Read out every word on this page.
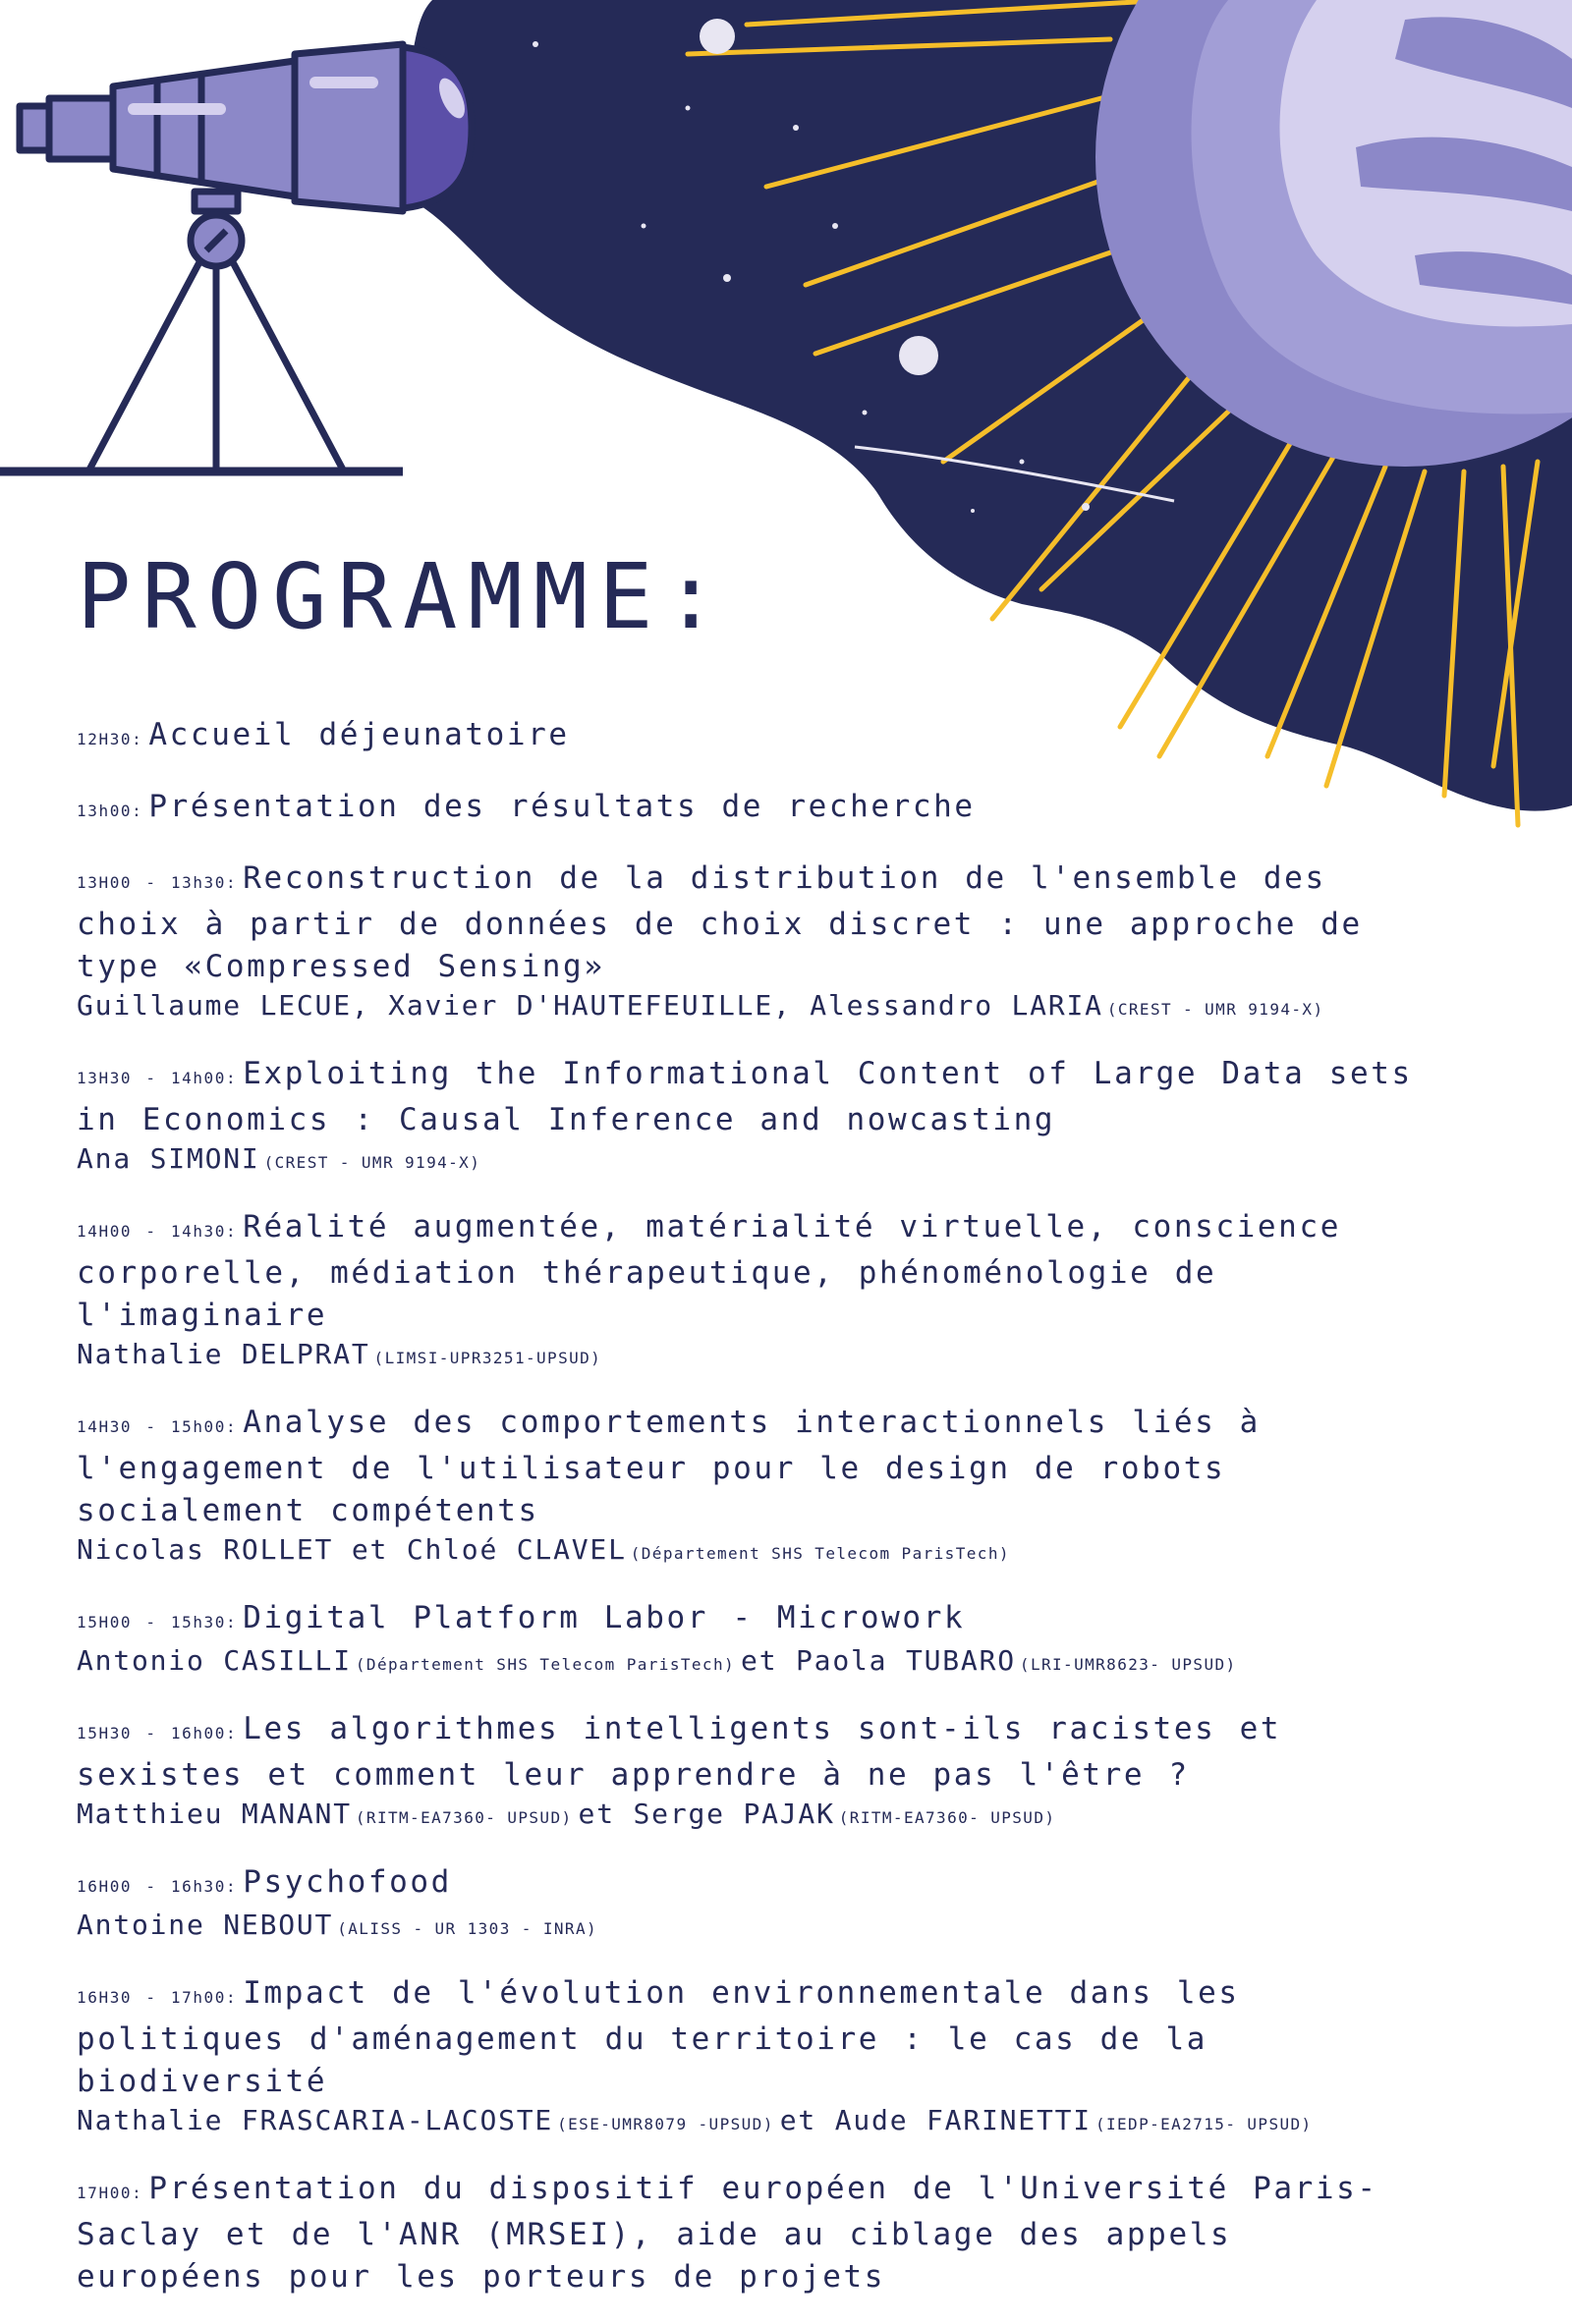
PROGRAMME:
12H30: Accueil déjeunatoire
13h00: Présentation des résultats de recherche
13H00 - 13h30: Reconstruction de la distribution de l'ensemble des choix à partir de données de choix discret : une approche de type «Compressed Sensing»
Guillaume LECUE, Xavier D'HAUTEFEUILLE, Alessandro LARIA (CREST - UMR 9194-X)
13H30 - 14h00: Exploiting the Informational Content of Large Data sets in Economics : Causal Inference and nowcasting
Ana SIMONI (CREST - UMR 9194-X)
14H00 - 14h30: Réalité augmentée, matérialité virtuelle, conscience corporelle, médiation thérapeutique, phénoménologie de l'imaginaire
Nathalie DELPRAT (LIMSI-UPR3251-UPSUD)
14H30 - 15h00: Analyse des comportements interactionnels liés à l'engagement de l'utilisateur pour le design de robots socialement compétents
Nicolas ROLLET et Chloé CLAVEL (Département SHS Telecom ParisTech)
15H00 - 15h30: Digital Platform Labor - Microwork
Antonio CASILLI (Département SHS Telecom ParisTech) et Paola TUBARO (LRI-UMR8623- UPSUD)
15H30 - 16h00: Les algorithmes intelligents sont-ils racistes et sexistes et comment leur apprendre à ne pas l'être ?
Matthieu MANANT (RITM-EA7360- UPSUD) et Serge PAJAK (RITM-EA7360- UPSUD)
16H00 - 16h30: Psychofood
Antoine NEBOUT (ALISS - UR 1303 - INRA)
16H30 - 17h00: Impact de l'évolution environnementale dans les politiques d'aménagement du territoire : le cas de la biodiversité
Nathalie FRASCARIA-LACOSTE (ESE-UMR8079 -UPSUD) et Aude FARINETTI (IEDP-EA2715- UPSUD)
17H00: Présentation du dispositif européen de l'Université Paris-Saclay et de l'ANR (MRSEI), aide au ciblage des appels européens pour les porteurs de projets
